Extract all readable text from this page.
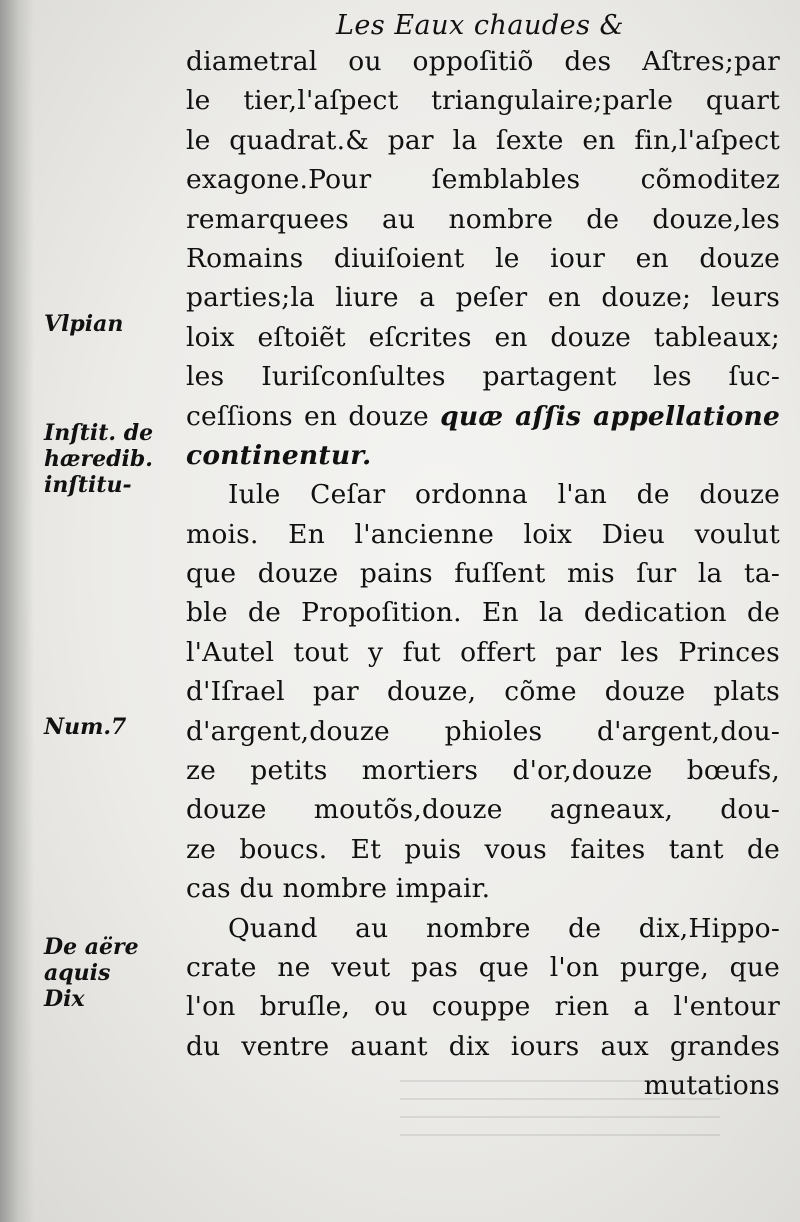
Les Eaux chaudes &
diametral ou oppoſitiõ des Aſtres;par
le tier,l'aſpect triangulaire;parle quart
le quadrat.& par la ſexte en fin,l'aſpect
exagone.Pour ſemblables cõmoditez
remarquees au nombre de douze,les
Romains diuiſoient le iour en douze
parties;la liure a peſer en douze; leurs
loix eſtoiẽt eſcrites en douze tableaux;
les Iuriſconſultes partagent les ſuc-
ceſſions en douze quæ aſſis appellatione
continentur.
Iule Ceſar ordonna l'an de douze
mois. En l'ancienne loix Dieu voulut
que douze pains fuſſent mis ſur la ta-
ble de Propoſition. En la dedication de
l'Autel tout y fut offert par les Princes
d'Iſrael par douze, cõme douze plats
d'argent,douze phioles d'argent,dou-
ze petits mortiers d'or,douze bœufs,
douze moutõs,douze agneaux, dou-
ze boucs. Et puis vous faites tant de
cas du nombre impair.
Quand au nombre de dix,Hippo-
crate ne veut pas que l'on purge, que
l'on bruſle, ou couppe rien a l'entour
du ventre auant dix iours aux grandes
mutations
Vlpian
Inſtit. de
hæredib.
inſtitu-
Num.7
De aëre
aquis
Dix
